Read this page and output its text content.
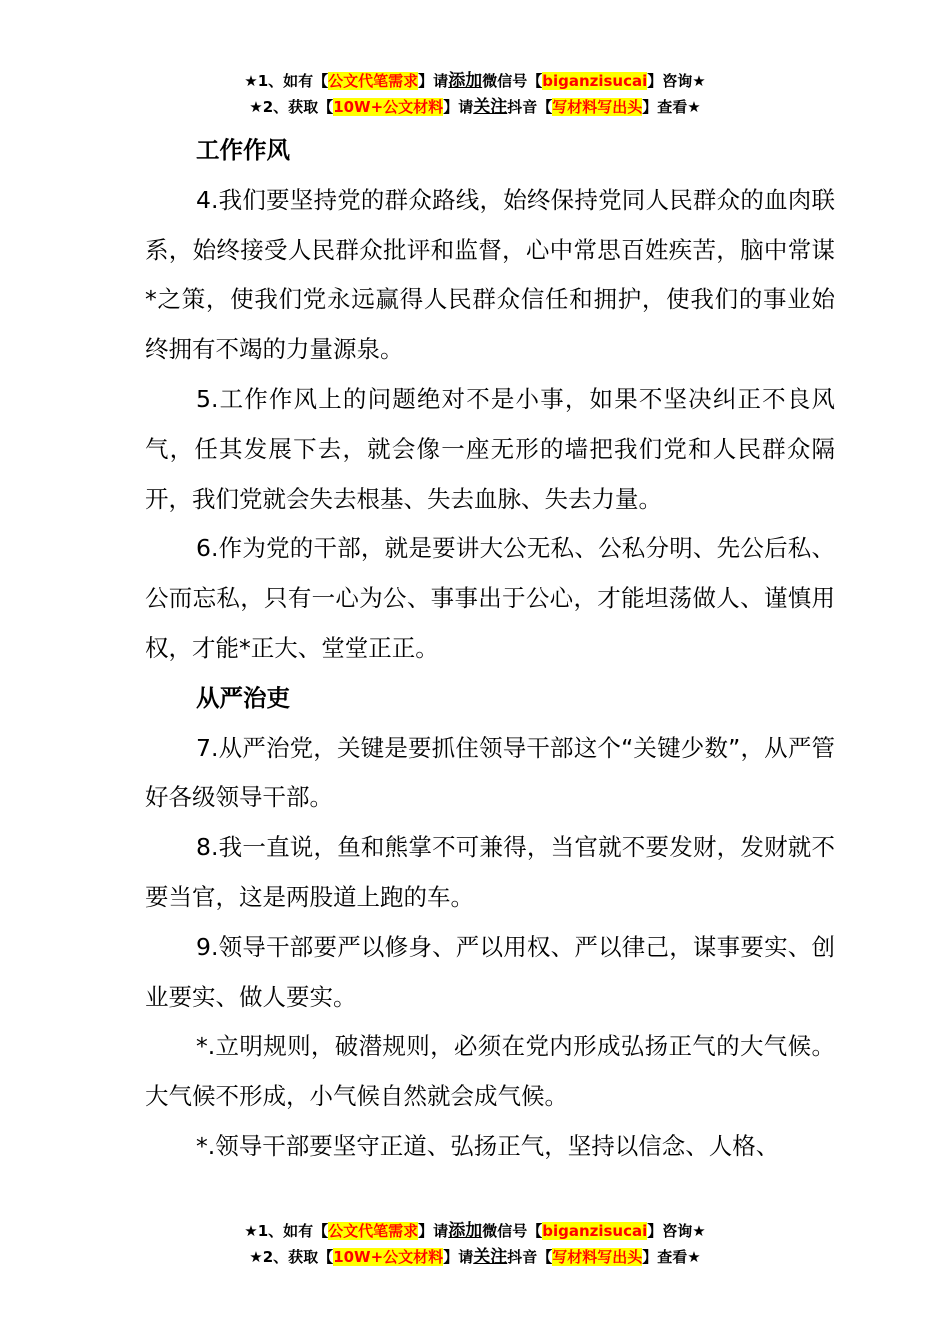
★1、如有【公文代笔需求】请添加微信号【biganzisucai】咨询★
★2、获取【10W+公文材料】请关注抖音【写材料写出头】查看★
工作作风

4.我们要坚持党的群众路线，始终保持党同人民群众的血肉联系，始终接受人民群众批评和监督，心中常思百姓疾苦，脑中常谋*之策，使我们党永远赢得人民群众信任和拥护，使我们的事业始终拥有不竭的力量源泉。

5.工作作风上的问题绝对不是小事，如果不坚决纠正不良风气，任其发展下去，就会像一座无形的墙把我们党和人民群众隔开，我们党就会失去根基、失去血脉、失去力量。

6.作为党的干部，就是要讲大公无私、公私分明、先公后私、公而忘私，只有一心为公、事事出于公心，才能坦荡做人、谨慎用权，才能*正大、堂堂正正。

从严治吏

7.从严治党，关键是要抓住领导干部这个“关键少数”，从严管好各级领导干部。

8.我一直说，鱼和熊掌不可兼得，当官就不要发财，发财就不要当官，这是两股道上跑的车。

9.领导干部要严以修身、严以用权、严以律己，谋事要实、创业要实、做人要实。

*.立明规则，破潜规则，必须在党内形成弘扬正气的大气候。大气候不形成，小气候自然就会成气候。

*.领导干部要坚守正道、弘扬正气，坚持以信念、人格、

★1、如有【公文代笔需求】请添加微信号【biganzisucai】咨询★
★2、获取【10W+公文材料】请关注抖音【写材料写出头】查看★
